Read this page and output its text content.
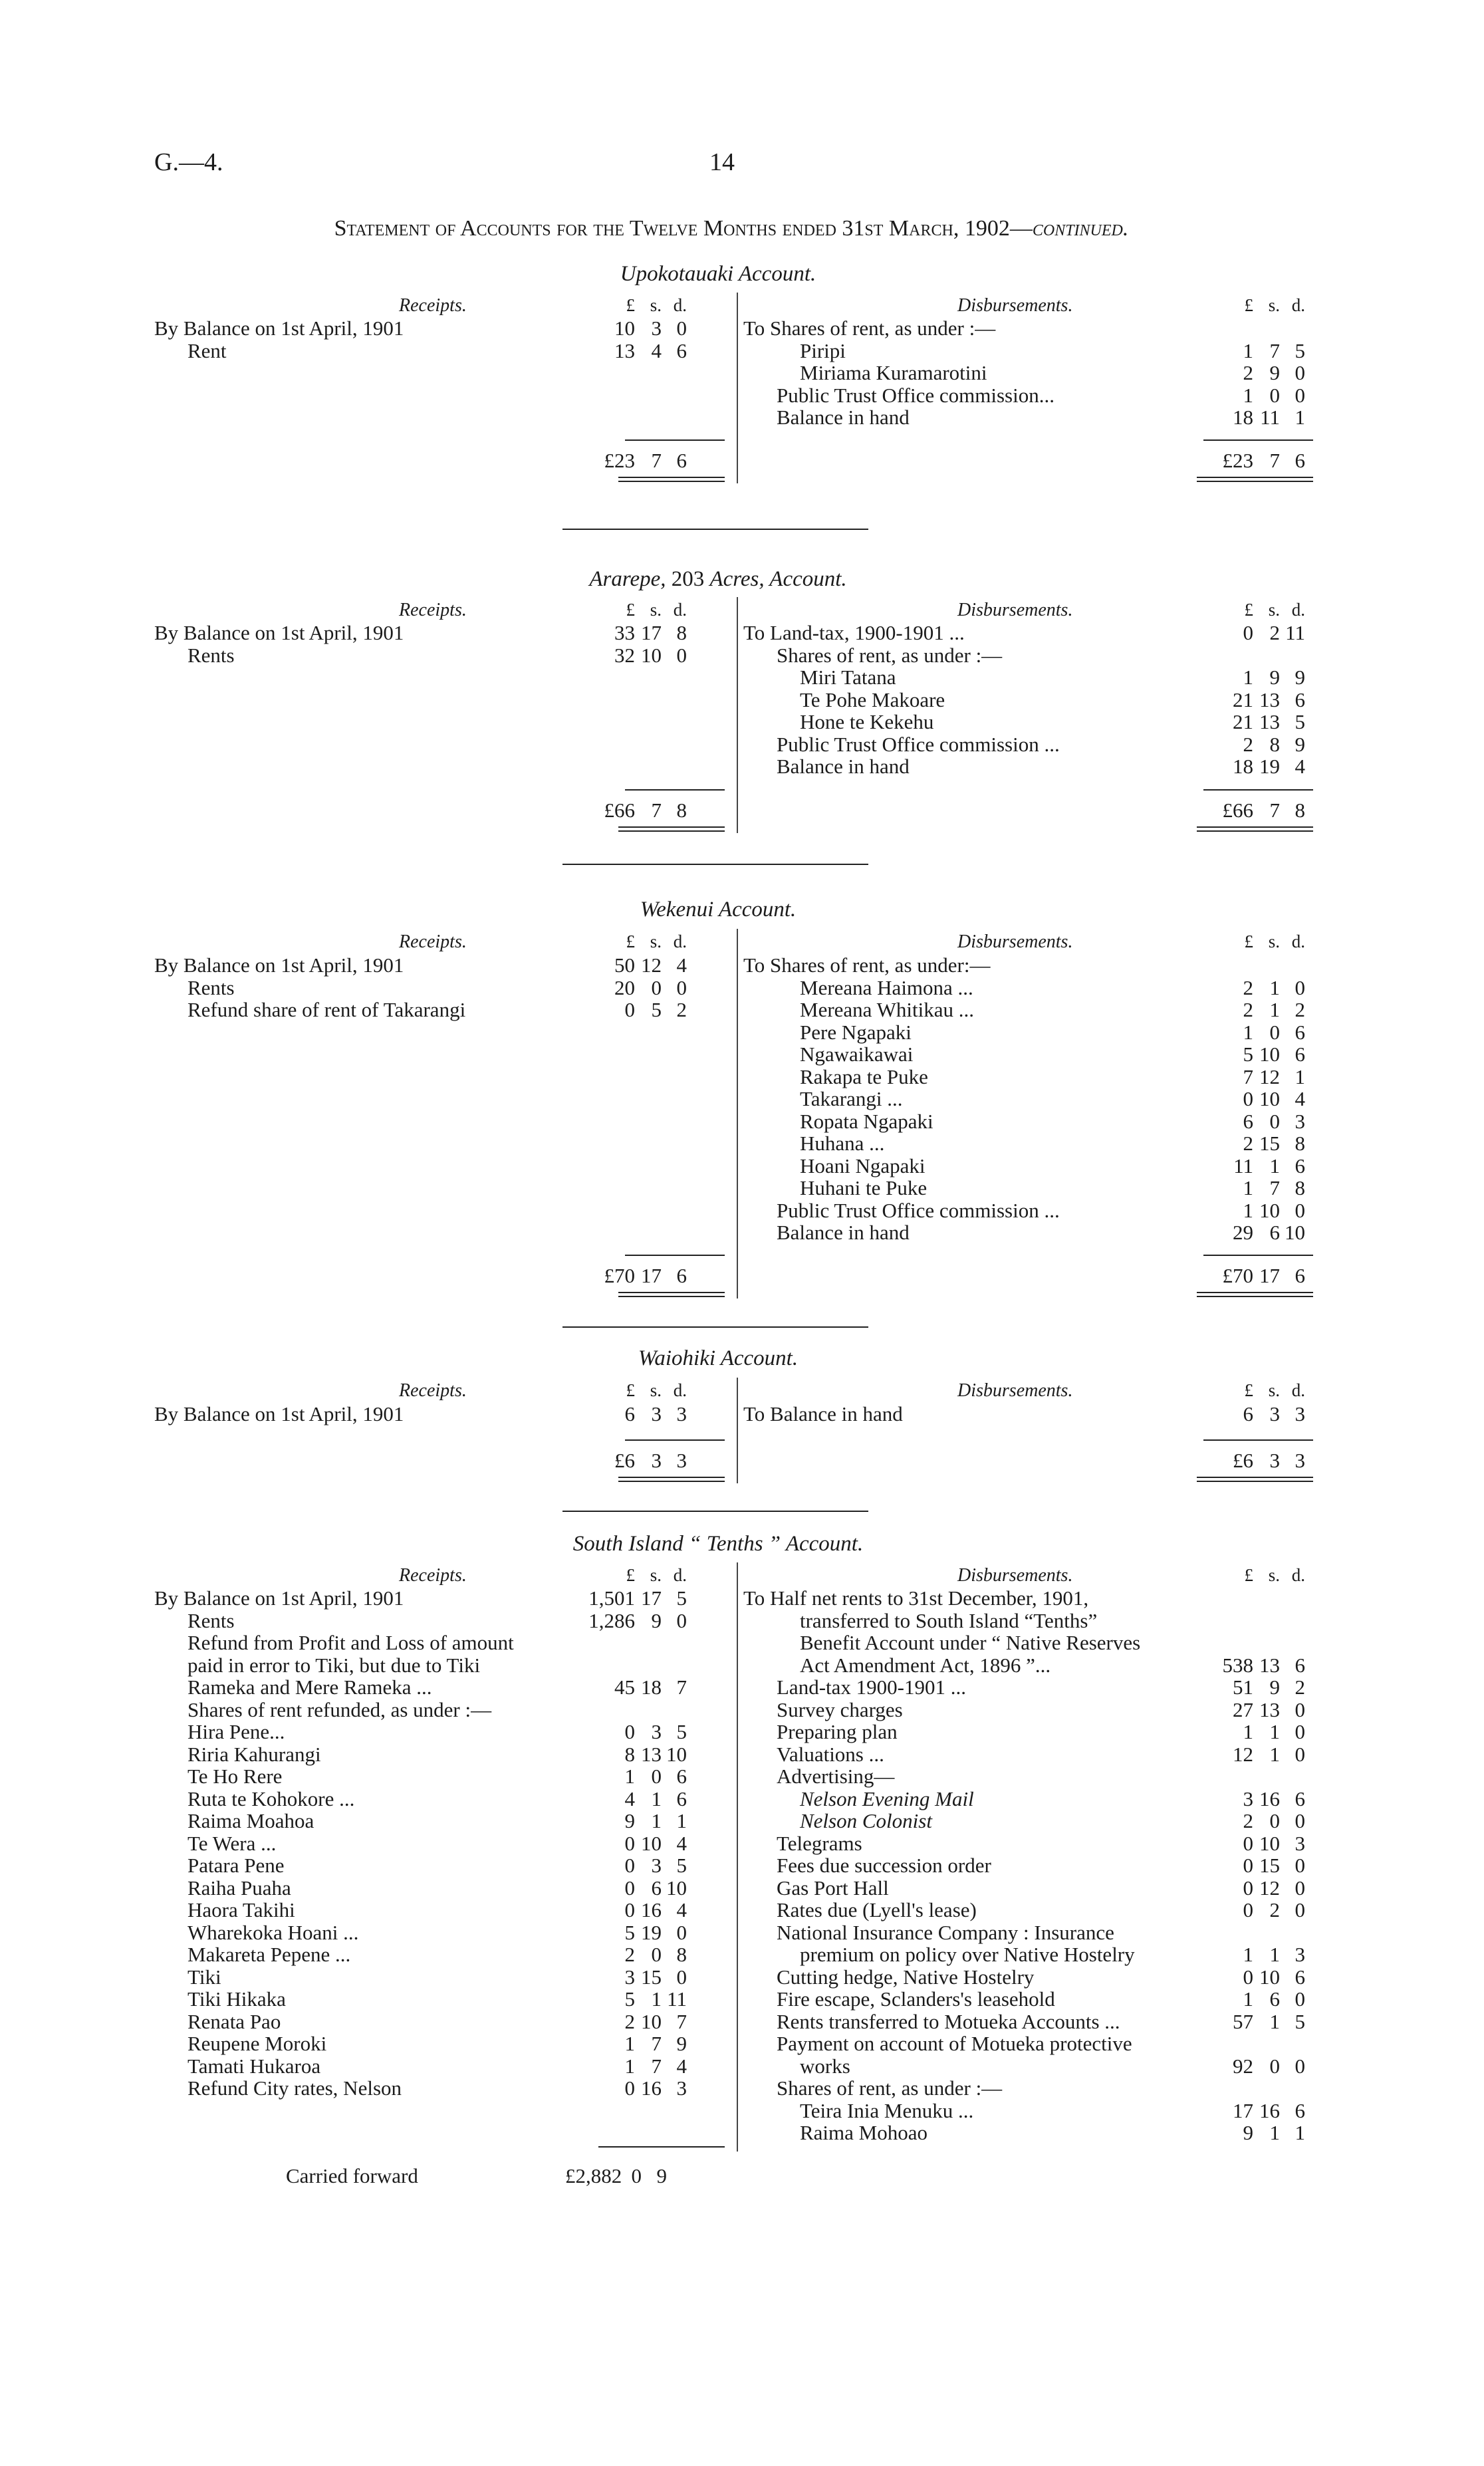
G.—4.	14
Statement of Accounts for the Twelve Months ended 31st March, 1902—continued.
Upokotauaki Account.
Receipts.	Disbursements.
£ s. d.	£ s. d.
By Balance on 1st April, 1901	10 3 0
Rent	13 4 6
To Shares of rent, as under :—
Piripi	1 7 5
Miriama Kuramarotini	2 9 0
Public Trust Office commission...	1 0 0
Balance in hand	18 11 1
£23 7 6	£23 7 6
Ararepe, 203 Acres, Account.
Receipts.	Disbursements.
£ s. d.	£ s. d.
By Balance on 1st April, 1901	33 17 8
Rents	32 10 0
To Land-tax, 1900-1901 ...	0 2 11
Shares of rent, as under :—
Miri Tatana	1 9 9
Te Pohe Makoare	21 13 6
Hone te Kekehu	21 13 5
Public Trust Office commission ...	2 8 9
Balance in hand	18 19 4
£66 7 8	£66 7 8
Wekenui Account.
Receipts.	Disbursements.
£ s. d.	£ s. d.
By Balance on 1st April, 1901	50 12 4
Rents	20 0 0
Refund share of rent of Takarangi	0 5 2
To Shares of rent, as under:—
Mereana Haimona ...	2 1 0
Mereana Whitikau ...	2 1 2
Pere Ngapaki	1 0 6
Ngawaikawai	5 10 6
Rakapa te Puke	7 12 1
Takarangi ...	0 10 4
Ropata Ngapaki	6 0 3
Huhana ...	2 15 8
Hoani Ngapaki	11 1 6
Huhani te Puke	1 7 8
Public Trust Office commission ...	1 10 0
Balance in hand	29 6 10
£70 17 6	£70 17 6
Waiohiki Account.
Receipts.	Disbursements.
£ s. d.	£ s. d.
By Balance on 1st April, 1901	6 3 3	To Balance in hand	6 3 3
£6 3 3	£6 3 3
South Island “ Tenths ” Account.
Receipts.	Disbursements.
£ s. d.	£ s. d.
By Balance on 1st April, 1901	1,501 17 5
Rents	1,286 9 0
Refund from Profit and Loss of amount
paid in error to Tiki, but due to Tiki
Rameka and Mere Rameka ...	45 18 7
Shares of rent refunded, as under :—
Hira Pene...	0 3 5
Riria Kahurangi	8 13 10
Te Ho Rere	1 0 6
Ruta te Kohokore ...	4 1 6
Raima Moahoa	9 1 1
Te Wera ...	0 10 4
Patara Pene	0 3 5
Raiha Puaha	0 6 10
Haora Takihi	0 16 4
Wharekoka Hoani ...	5 19 0
Makareta Pepene ...	2 0 8
Tiki	3 15 0
Tiki Hikaka	5 1 11
Renata Pao	2 10 7
Reupene Moroki	1 7 9
Tamati Hukaroa	1 7 4
Refund City rates, Nelson	0 16 3
To Half net rents to 31st December, 1901,
transferred to South Island “Tenths”
Benefit Account under “ Native Reserves
Act Amendment Act, 1896 ”...	538 13 6
Land-tax 1900-1901 ...	51 9 2
Survey charges	27 13 0
Preparing plan	1 1 0
Valuations ...	12 1 0
Advertising—
Nelson Evening Mail	3 16 6
Nelson Colonist	2 0 0
Telegrams	0 10 3
Fees due succession order	0 15 0
Gas Port Hall	0 12 0
Rates due (Lyell's lease)	0 2 0
National Insurance Company : Insurance
premium on policy over Native Hostelry	1 1 3
Cutting hedge, Native Hostelry	0 10 6
Fire escape, Sclanders's leasehold	1 6 0
Rents transferred to Motueka Accounts ...	57 1 5
Payment on account of Motueka protective
works	92 0 0
Shares of rent, as under :—
Teira Inia Menuku ...	17 16 6
Raima Mohoao	9 1 1
Carried forward	£2,882 0 9
